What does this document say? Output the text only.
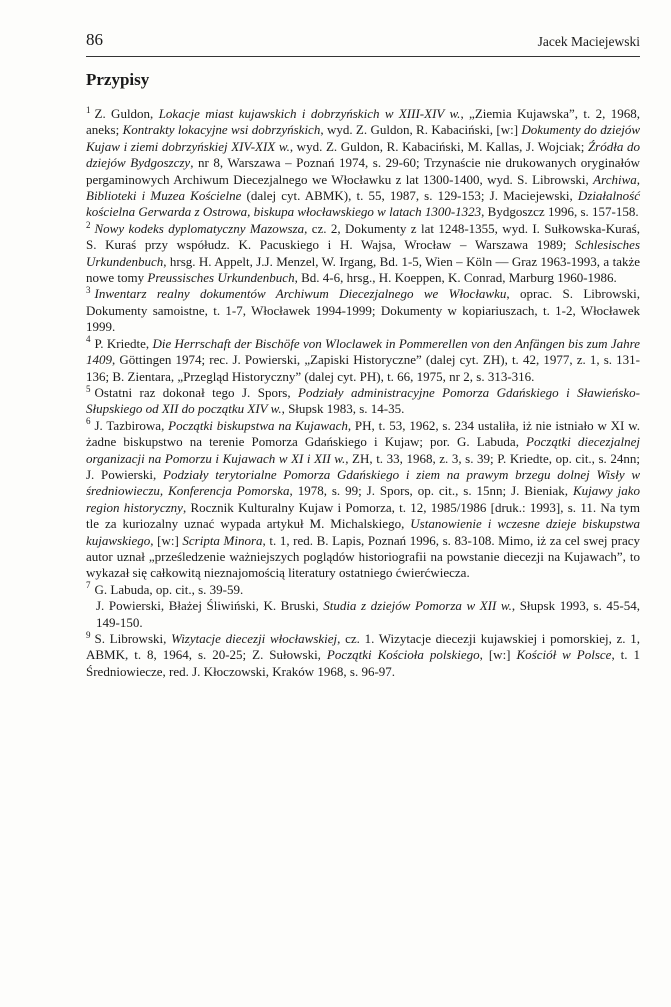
86	Jacek Maciejewski
Przypisy

$^1$ Z. Guldon, Lokacje miast kujawskich i dobrzyńskich w XIII-XIV w., „Ziemia Kujawska”, t. 2, 1968, aneks; Kontrakty lokacyjne wsi dobrzyńskich, wyd. Z. Guldon, R. Kabaciński, [w:] Dokumenty do dziejów Kujaw i ziemi dobrzyńskiej XIV-XIX w., wyd. Z. Guldon, R. Kabaciński, M. Kallas, J. Wojciak; Źródła do dziejów Bydgoszczy, nr 8, Warszawa – Poznań 1974, s. 29-60; Trzynaście nie drukowanych oryginałów pergaminowych Archiwum Diecezjalnego we Włocławku z lat 1300-1400, wyd. S. Librowski, Archiwa, Biblioteki i Muzea Kościelne (dalej cyt. ABMK), t. 55, 1987, s. 129-153; J. Maciejewski, Działalność kościelna Gerwarda z Ostrowa, biskupa włocławskiego w latach 1300-1323, Bydgoszcz 1996, s. 157-158.

$^2$ Nowy kodeks dyplomatyczny Mazowsza, cz. 2, Dokumenty z lat 1248-1355, wyd. I. Sułkowska-Kuraś, S. Kuraś przy współudz. K. Pacuskiego i H. Wajsa, Wrocław – Warszawa 1989; Schlesisches Urkundenbuch, hrsg. H. Appelt, J.J. Menzel, W. Irgang, Bd. 1-5, Wien – Köln — Graz 1963-1993, a także nowe tomy Preussisches Urkundenbuch, Bd. 4-6, hrsg., H. Koeppen, K. Conrad, Marburg 1960-1986.

$^3$ Inwentarz realny dokumentów Archiwum Diecezjalnego we Włocławku, oprac. S. Librowski, Dokumenty samoistne, t. 1-7, Włocławek 1994-1999; Dokumenty w kopiariuszach, t. 1-2, Włocławek 1999.

$^4$ P. Kriedte, Die Herrschaft der Bischöfe von Wloclawek in Pommerellen von den Anfängen bis zum Jahre 1409, Göttingen 1974; rec. J. Powierski, „Zapiski Historyczne” (dalej cyt. ZH), t. 42, 1977, z. 1, s. 131-136; B. Zientara, „Przegląd Historyczny” (dalej cyt. PH), t. 66, 1975, nr 2, s. 313-316.

$^5$ Ostatni raz dokonał tego J. Spors, Podziały administracyjne Pomorza Gdańskiego i Sławieńsko-Słupskiego od XII do początku XIV w., Słupsk 1983, s. 14-35.

$^6$ J. Tazbirowa, Początki biskupstwa na Kujawach, PH, t. 53, 1962, s. 234 ustaliła, iż nie istniało w XI w. żadne biskupstwo na terenie Pomorza Gdańskiego i Kujaw; por. G. Labuda, Początki diecezjalnej organizacji na Pomorzu i Kujawach w XI i XII w., ZH, t. 33, 1968, z. 3, s. 39; P. Kriedte, op. cit., s. 24nn; J. Powierski, Podziały terytorialne Pomorza Gdańskiego i ziem na prawym brzegu dolnej Wisły w średniowieczu, Konferencja Pomorska, 1978, s. 99; J. Spors, op. cit., s. 15nn; J. Bieniak, Kujawy jako region historyczny, Rocznik Kulturalny Kujaw i Pomorza, t. 12, 1985/1986 [druk.: 1993], s. 11. Na tym tle za kuriozalny uznać wypada artykuł M. Michalskiego, Ustanowienie i wczesne dzieje biskupstwa kujawskiego, [w:] Scripta Minora, t. 1, red. B. Lapis, Poznań 1996, s. 83-108. Mimo, iż za cel swej pracy autor uznał „prześledzenie ważniejszych poglądów historiografii na powstanie diecezji na Kujawach”, to wykazał się całkowitą nieznajomością literatury ostatniego ćwierćwiecza.

$^7$ G. Labuda, op. cit., s. 39-59.

J. Powierski, Błażej Śliwiński, K. Bruski, Studia z dziejów Pomorza w XII w., Słupsk 1993, s. 45-54, 149-150.

$^9$ S. Librowski, Wizytacje diecezji włocławskiej, cz. 1. Wizytacje diecezji kujawskiej i pomorskiej, z. 1, ABMK, t. 8, 1964, s. 20-25; Z. Sułowski, Początki Kościoła polskiego, [w:] Kościół w Polsce, t. 1 Średniowiecze, red. J. Kłoczowski, Kraków 1968, s. 96-97.
